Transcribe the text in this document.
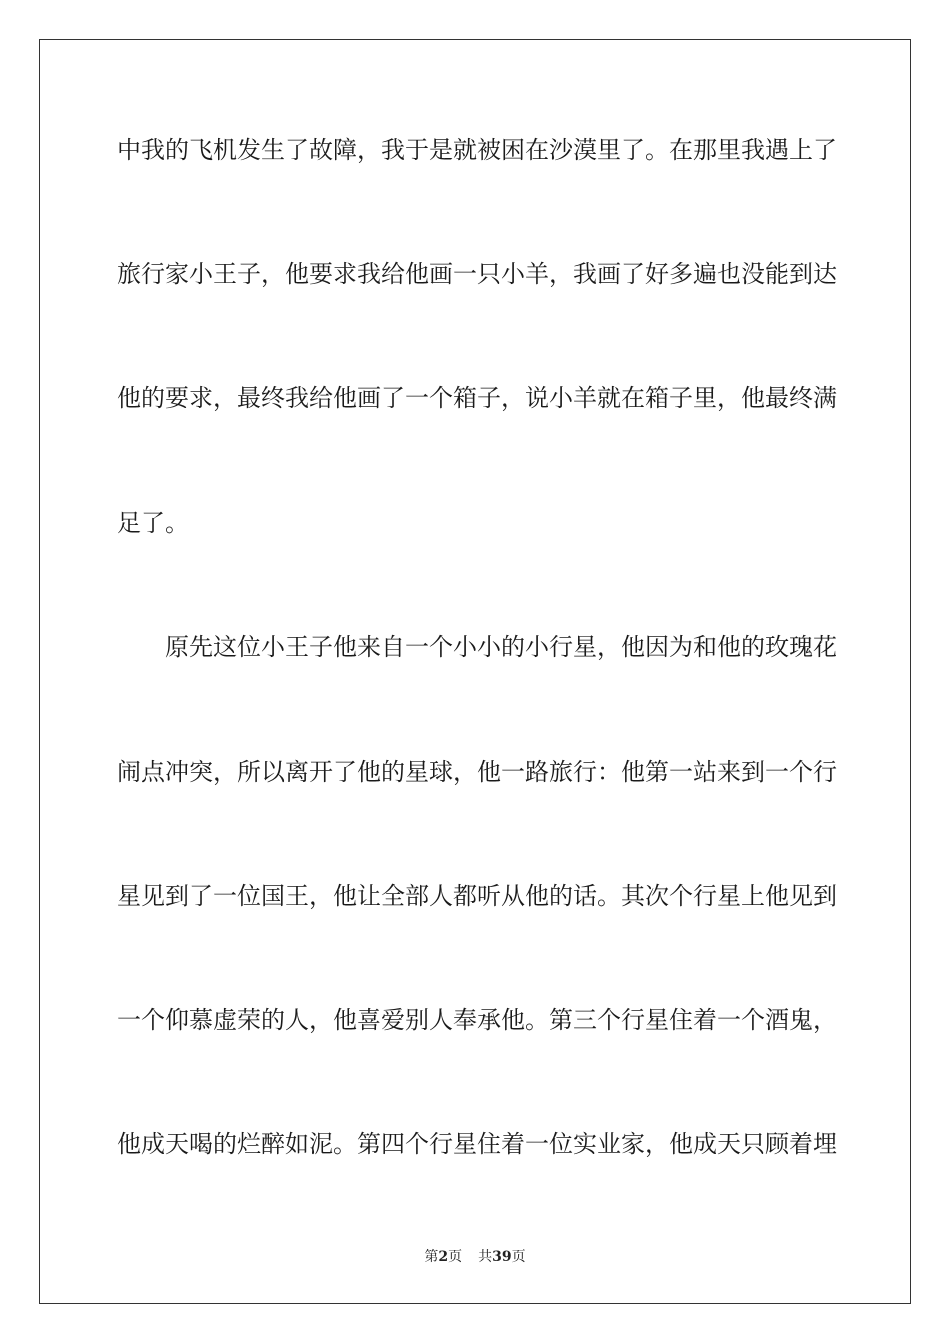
中我的飞机发生了故障，我于是就被困在沙漠里了。在那里我遇上了
旅行家小王子，他要求我给他画一只小羊，我画了好多遍也没能到达
他的要求，最终我给他画了一个箱子，说小羊就在箱子里，他最终满
足了。
原先这位小王子他来自一个小小的小行星，他因为和他的玫瑰花
闹点冲突，所以离开了他的星球，他一路旅行：他第一站来到一个行
星见到了一位国王，他让全部人都听从他的话。其次个行星上他见到
一个仰慕虚荣的人，他喜爱别人奉承他。第三个行星住着一个酒鬼，
他成天喝的烂醉如泥。第四个行星住着一位实业家，他成天只顾着埋
第2页 共39页
